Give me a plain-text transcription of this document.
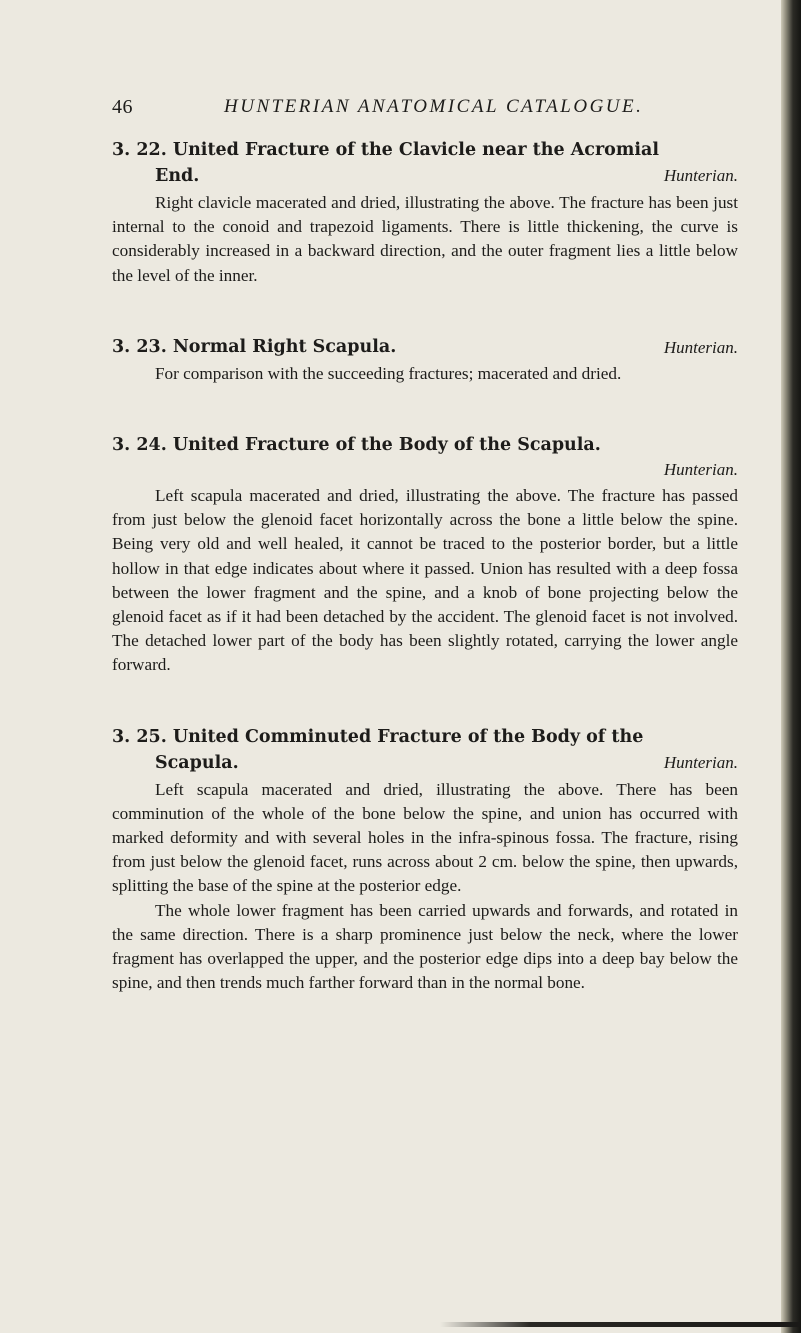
46	HUNTERIAN ANATOMICAL CATALOGUE.
3. 22. United Fracture of the Clavicle near the Acromial
End.	Hunterian.

Right clavicle macerated and dried, illustrating the above. The fracture has been just internal to the conoid and trapezoid ligaments. There is little thickening, the curve is considerably increased in a backward direction, and the outer fragment lies a little below the level of the inner.

Hunterian.
3. 23. Normal Right Scapula.

For comparison with the succeeding fractures; macerated and dried.

3. 24. United Fracture of the Body of the Scapula.
Hunterian.

Left scapula macerated and dried, illustrating the above. The fracture has passed from just below the glenoid facet horizontally across the bone a little below the spine. Being very old and well healed, it cannot be traced to the posterior border, but a little hollow in that edge indicates about where it passed. Union has resulted with a deep fossa between the lower fragment and the spine, and a knob of bone projecting below the glenoid facet as if it had been detached by the accident. The glenoid facet is not involved. The detached lower part of the body has been slightly rotated, carrying the lower angle forward.

3. 25. United Comminuted Fracture of the Body of the
Scapula.	Hunterian.

Left scapula macerated and dried, illustrating the above. There has been comminution of the whole of the bone below the spine, and union has occurred with marked deformity and with several holes in the infra-spinous fossa. The fracture, rising from just below the glenoid facet, runs across about 2 cm. below the spine, then upwards, splitting the base of the spine at the posterior edge.

The whole lower fragment has been carried upwards and forwards, and rotated in the same direction. There is a sharp prominence just below the neck, where the lower fragment has overlapped the upper, and the posterior edge dips into a deep bay below the spine, and then trends much farther forward than in the normal bone.
